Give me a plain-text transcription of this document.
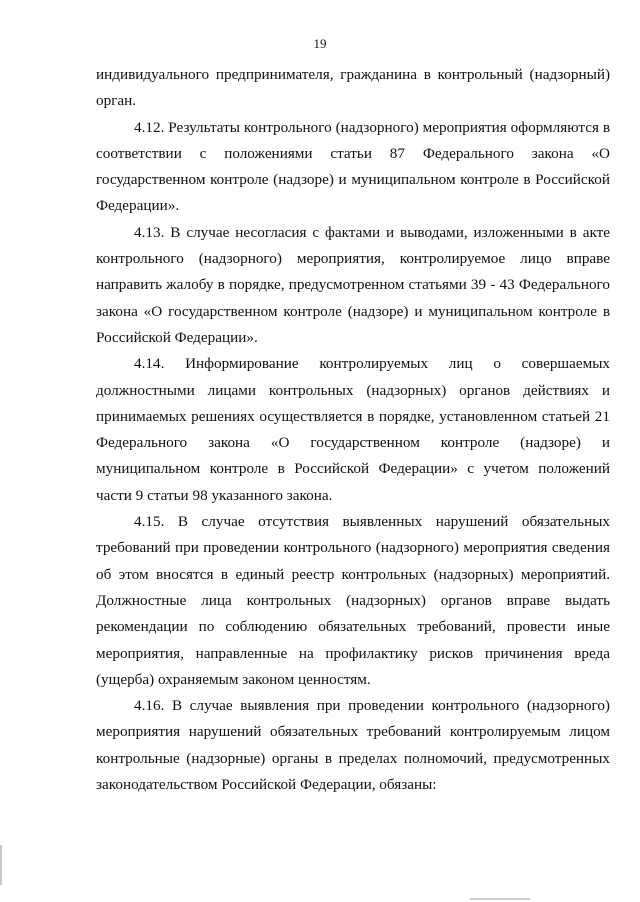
19

индивидуального предпринимателя, гражданина в контрольный (надзорный) орган.

4.12. Результаты контрольного (надзорного) мероприятия оформляются в соответствии с положениями статьи 87 Федерального закона «О государственном контроле (надзоре) и муниципальном контроле в Российской Федерации».

4.13. В случае несогласия с фактами и выводами, изложенными в акте контрольного (надзорного) мероприятия, контролируемое лицо вправе направить жалобу в порядке, предусмотренном статьями 39 - 43 Федерального закона «О государственном контроле (надзоре) и муниципальном контроле в Российской Федерации».

4.14. Информирование контролируемых лиц о совершаемых должностными лицами контрольных (надзорных) органов действиях и принимаемых решениях осуществляется в порядке, установленном статьей 21 Федерального закона «О государственном контроле (надзоре) и муниципальном контроле в Российской Федерации» с учетом положений части 9 статьи 98 указанного закона.

4.15. В случае отсутствия выявленных нарушений обязательных требований при проведении контрольного (надзорного) мероприятия сведения об этом вносятся в единый реестр контрольных (надзорных) мероприятий. Должностные лица контрольных (надзорных) органов вправе выдать рекомендации по соблюдению обязательных требований, провести иные мероприятия, направленные на профилактику рисков причинения вреда (ущерба) охраняемым законом ценностям.

4.16. В случае выявления при проведении контрольного (надзорного) мероприятия нарушений обязательных требований контролируемым лицом контрольные (надзорные) органы в пределах полномочий, предусмотренных законодательством Российской Федерации, обязаны:
